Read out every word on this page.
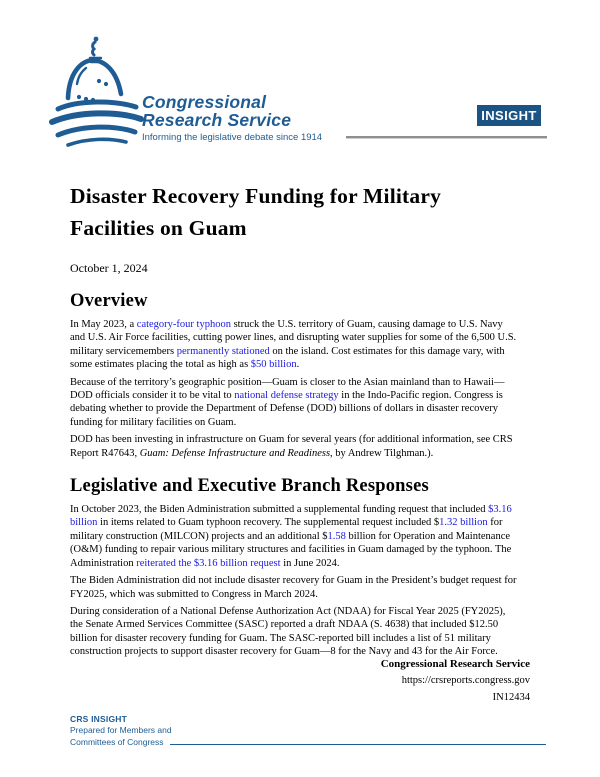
Congressional
Research Service
Informing the legislative debate since 1914
INSIGHT
Disaster Recovery Funding for Military Facilities on Guam
October 1, 2024
Overview

In May 2023, a category-four typhoon struck the U.S. territory of Guam, causing damage to U.S. Navy and U.S. Air Force facilities, cutting power lines, and disrupting water supplies for some of the 6,500 U.S. military servicemembers permanently stationed on the island. Cost estimates for this damage vary, with some estimates placing the total as high as $50 billion.

Because of the territory’s geographic position—Guam is closer to the Asian mainland than to Hawaii—DOD officials consider it to be vital to national defense strategy in the Indo-Pacific region. Congress is debating whether to provide the Department of Defense (DOD) billions of dollars in disaster recovery funding for military facilities on Guam.

DOD has been investing in infrastructure on Guam for several years (for additional information, see CRS Report R47643, Guam: Defense Infrastructure and Readiness, by Andrew Tilghman.).

Legislative and Executive Branch Responses

In October 2023, the Biden Administration submitted a supplemental funding request that included $3.16 billion in items related to Guam typhoon recovery. The supplemental request included $1.32 billion for military construction (MILCON) projects and an additional $1.58 billion for Operation and Maintenance (O&M) funding to repair various military structures and facilities in Guam damaged by the typhoon. The Administration reiterated the $3.16 billion request in June 2024.

The Biden Administration did not include disaster recovery for Guam in the President’s budget request for FY2025, which was submitted to Congress in March 2024.

During consideration of a National Defense Authorization Act (NDAA) for Fiscal Year 2025 (FY2025), the Senate Armed Services Committee (SASC) reported a draft NDAA (S. 4638) that included $12.50 billion for disaster recovery funding for Guam. The SASC-reported bill includes a list of 51 military construction projects to support disaster recovery for Guam—8 for the Navy and 43 for the Air Force.

Congressional Research Service
https://crsreports.congress.gov
IN12434
CRS INSIGHT
Prepared for Members and
Committees of Congress
